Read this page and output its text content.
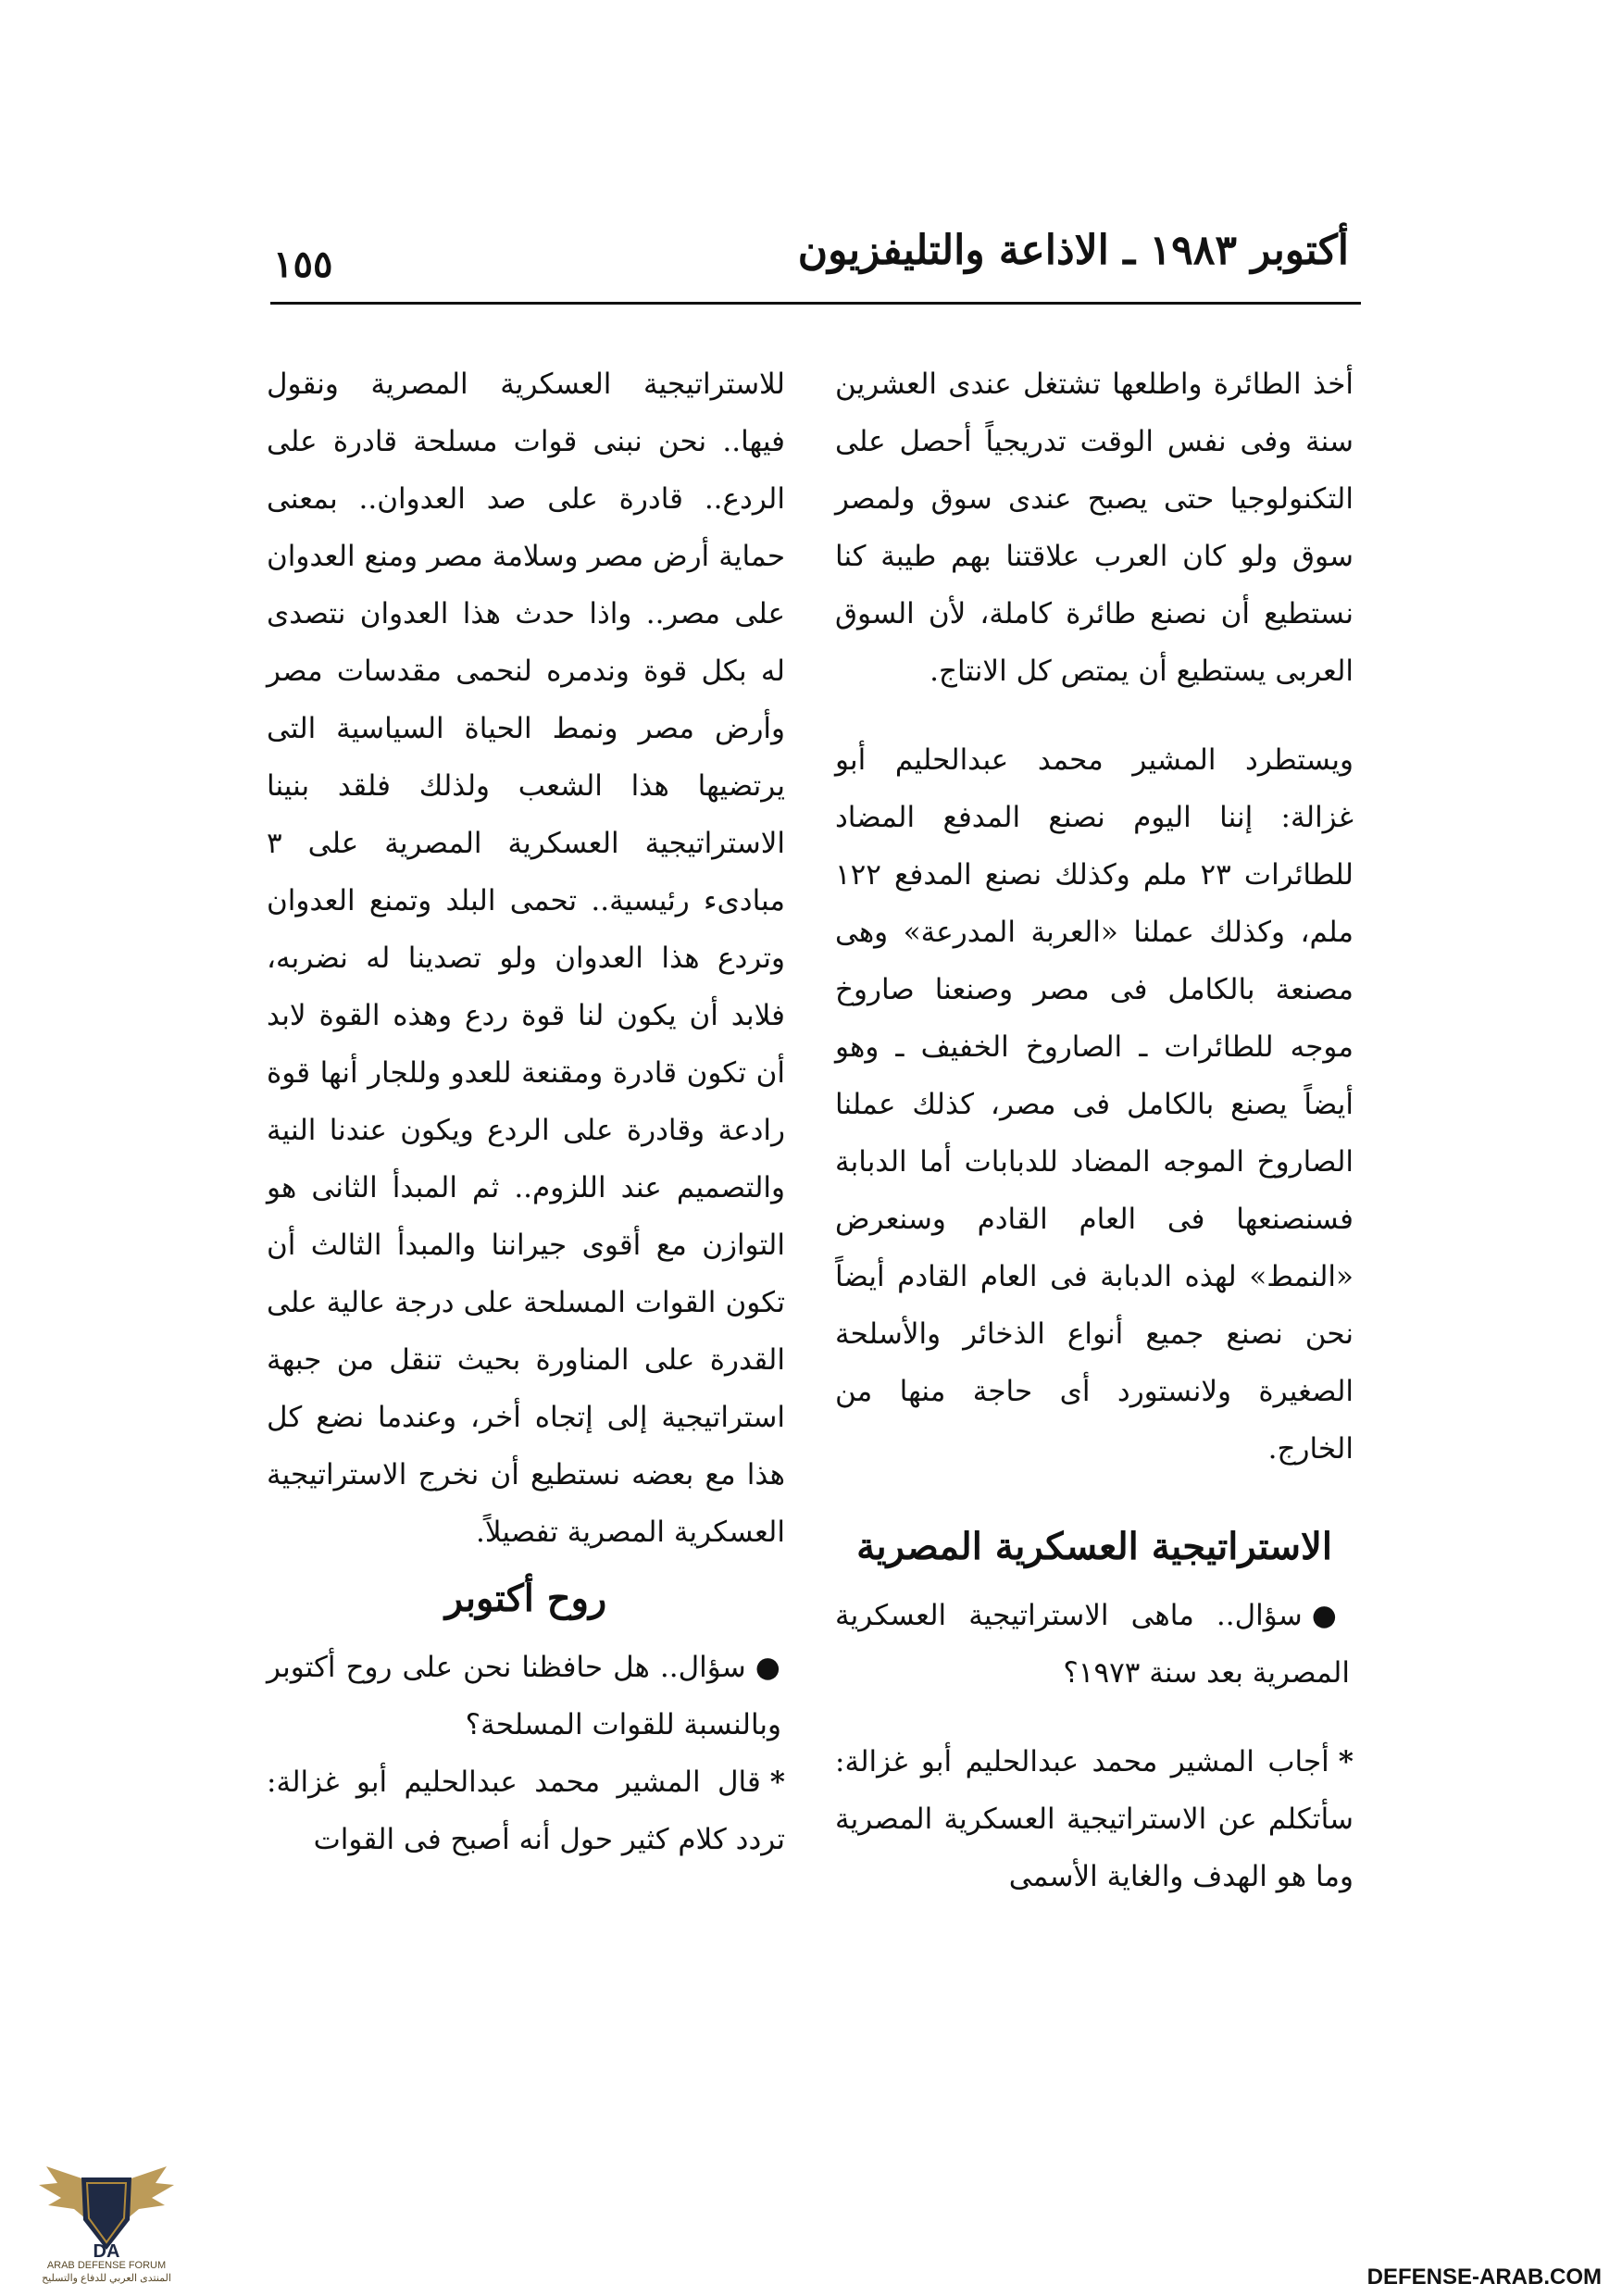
أكتوبر ١٩٨٣ ـ الاذاعة والتليفزيون
١٥٥

أخذ الطائرة واطلعها تشتغل عندى العشرين سنة وفى نفس الوقت تدريجياً أحصل على التكنولوجيا حتى يصبح عندى سوق ولمصر سوق ولو كان العرب علاقتنا بهم طيبة كنا نستطيع أن نصنع طائرة كاملة، لأن السوق العربى يستطيع أن يمتص كل الانتاج.

ويستطرد المشير محمد عبدالحليم أبو غزالة: إننا اليوم نصنع المدفع المضاد للطائرات ٢٣ ملم وكذلك نصنع المدفع ١٢٢ ملم، وكذلك عملنا «العربة المدرعة» وهى مصنعة بالكامل فى مصر وصنعنا صاروخ موجه للطائرات ـ الصاروخ الخفيف ـ وهو أيضاً يصنع بالكامل فى مصر، كذلك عملنا الصاروخ الموجه المضاد للدبابات أما الدبابة فسنصنعها فى العام القادم وسنعرض «النمط» لهذه الدبابة فى العام القادم أيضاً نحن نصنع جميع أنواع الذخائر والأسلحة الصغيرة ولانستورد أى حاجة منها من الخارج.

الاستراتيجية العسكرية المصرية

●سؤال.. ماهى الاستراتيجية العسكرية المصرية بعد سنة ١٩٧٣؟

*أجاب المشير محمد عبدالحليم أبو غزالة: سأتكلم عن الاستراتيجية العسكرية المصرية وما هو الهدف والغاية الأسمى

للاستراتيجية العسكرية المصرية ونقول فيها.. نحن نبنى قوات مسلحة قادرة على الردع.. قادرة على صد العدوان.. بمعنى حماية أرض مصر وسلامة مصر ومنع العدوان على مصر.. واذا حدث هذا العدوان نتصدى له بكل قوة وندمره لنحمى مقدسات مصر وأرض مصر ونمط الحياة السياسية التى يرتضيها هذا الشعب ولذلك فلقد بنينا الاستراتيجية العسكرية المصرية على ٣ مبادىء رئيسية.. تحمى البلد وتمنع العدوان وتردع هذا العدوان ولو تصدينا له نضربه، فلابد أن يكون لنا قوة ردع وهذه القوة لابد أن تكون قادرة ومقنعة للعدو وللجار أنها قوة رادعة وقادرة على الردع ويكون عندنا النية والتصميم عند اللزوم.. ثم المبدأ الثانى هو التوازن مع أقوى جيراننا والمبدأ الثالث أن تكون القوات المسلحة على درجة عالية على القدرة على المناورة بحيث تنقل من جبهة استراتيجية إلى إتجاه أخر، وعندما نضع كل هذا مع بعضه نستطيع أن نخرج الاستراتيجية العسكرية المصرية تفصيلاً.

روح أكتوبر

●سؤال.. هل حافظنا نحن على روح أكتوبر وبالنسبة للقوات المسلحة؟

*قال المشير محمد عبدالحليم أبو غزالة: تردد كلام كثير حول أنه أصبح فى القوات

DA
ARAB DEFENSE FORUM
المنتدى العربي للدفاع والتسليح	DEFENSE-ARAB.COM
